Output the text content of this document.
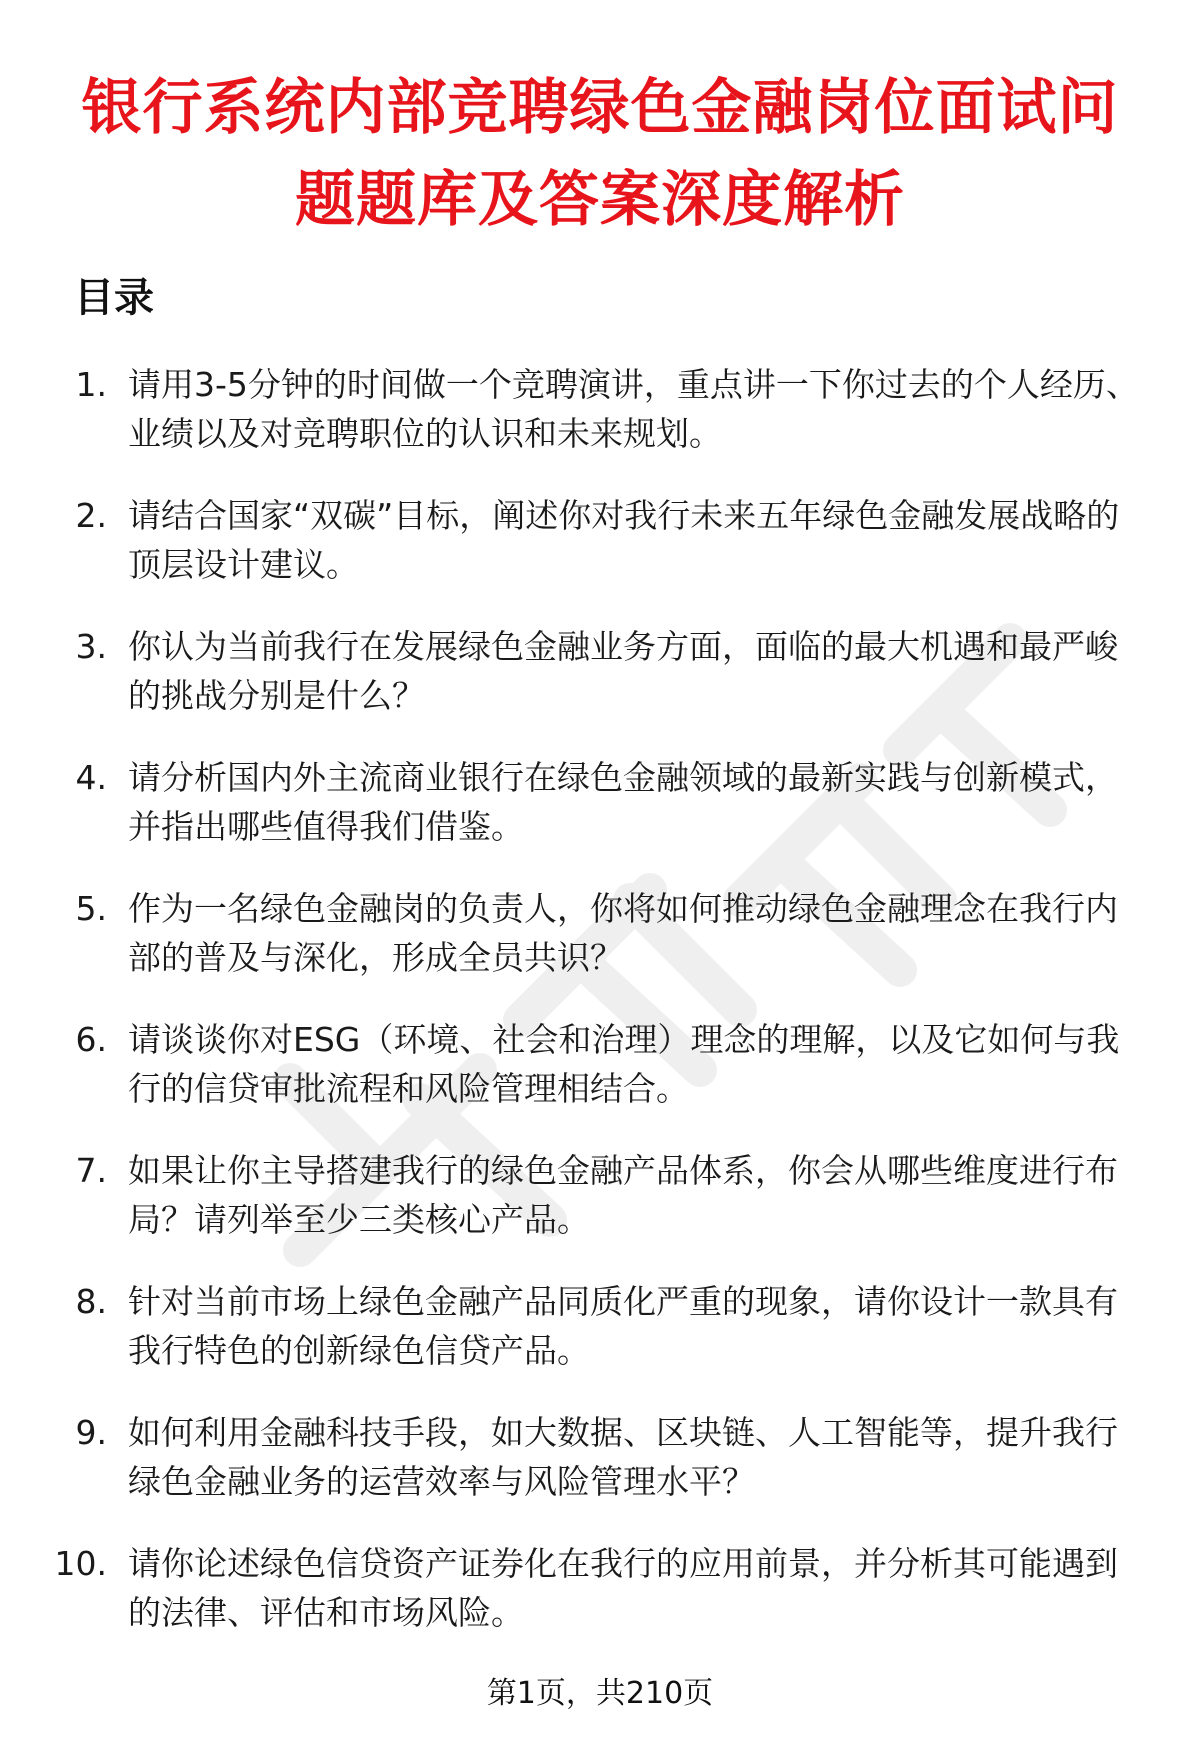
银行系统内部竞聘绿色金融岗位面试问题题库及答案深度解析
目录
1. 请用3-5分钟的时间做一个竞聘演讲，重点讲一下你过去的个人经历、业绩以及对竞聘职位的认识和未来规划。
2. 请结合国家“双碳”目标，阐述你对我行未来五年绿色金融发展战略的顶层设计建议。
3. 你认为当前我行在发展绿色金融业务方面，面临的最大机遇和最严峻的挑战分别是什么？
4. 请分析国内外主流商业银行在绿色金融领域的最新实践与创新模式，并指出哪些值得我们借鉴。
5. 作为一名绿色金融岗的负责人，你将如何推动绿色金融理念在我行内部的普及与深化，形成全员共识？
6. 请谈谈你对ESG（环境、社会和治理）理念的理解，以及它如何与我行的信贷审批流程和风险管理相结合。
7. 如果让你主导搭建我行的绿色金融产品体系，你会从哪些维度进行布局？请列举至少三类核心产品。
8. 针对当前市场上绿色金融产品同质化严重的现象，请你设计一款具有我行特色的创新绿色信贷产品。
9. 如何利用金融科技手段，如大数据、区块链、人工智能等，提升我行绿色金融业务的运营效率与风险管理水平？
10. 请你论述绿色信贷资产证券化在我行的应用前景，并分析其可能遇到的法律、评估和市场风险。
第1页，共210页
